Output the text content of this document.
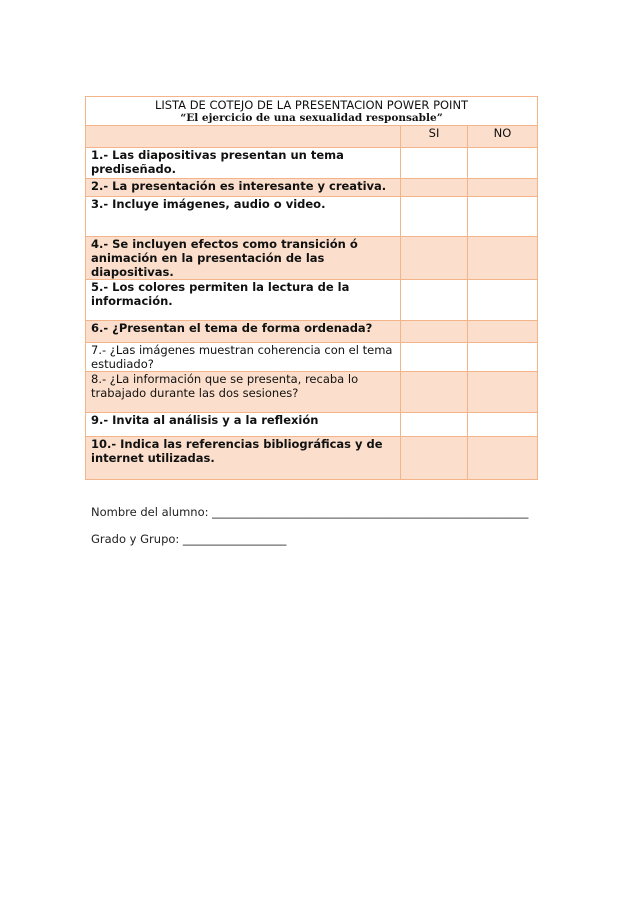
LISTA DE COTEJO DE LA PRESENTACION POWER POINT
“El ejercicio de una sexualidad responsable”		

	SI	NO
1.- Las diapositivas presentan un tema prediseñado.		
2.- La presentación es interesante y creativa.		
3.- Incluye imágenes, audio o video.		
4.- Se incluyen efectos como transición ó animación en la presentación de las diapositivas.		
5.- Los colores permiten la lectura de la información.		
6.- ¿Presentan el tema de forma ordenada?		
7.- ¿Las imágenes muestran coherencia con el tema estudiado?		
8.- ¿La información que se presenta, recaba lo trabajado durante las dos sesiones?		
9.- Invita al análisis y a la reflexión		
10.- Indica las referencias bibliográficas y de internet utilizadas.		
Nombre del alumno: _______________________________________________________
Grado y Grupo: __________________
